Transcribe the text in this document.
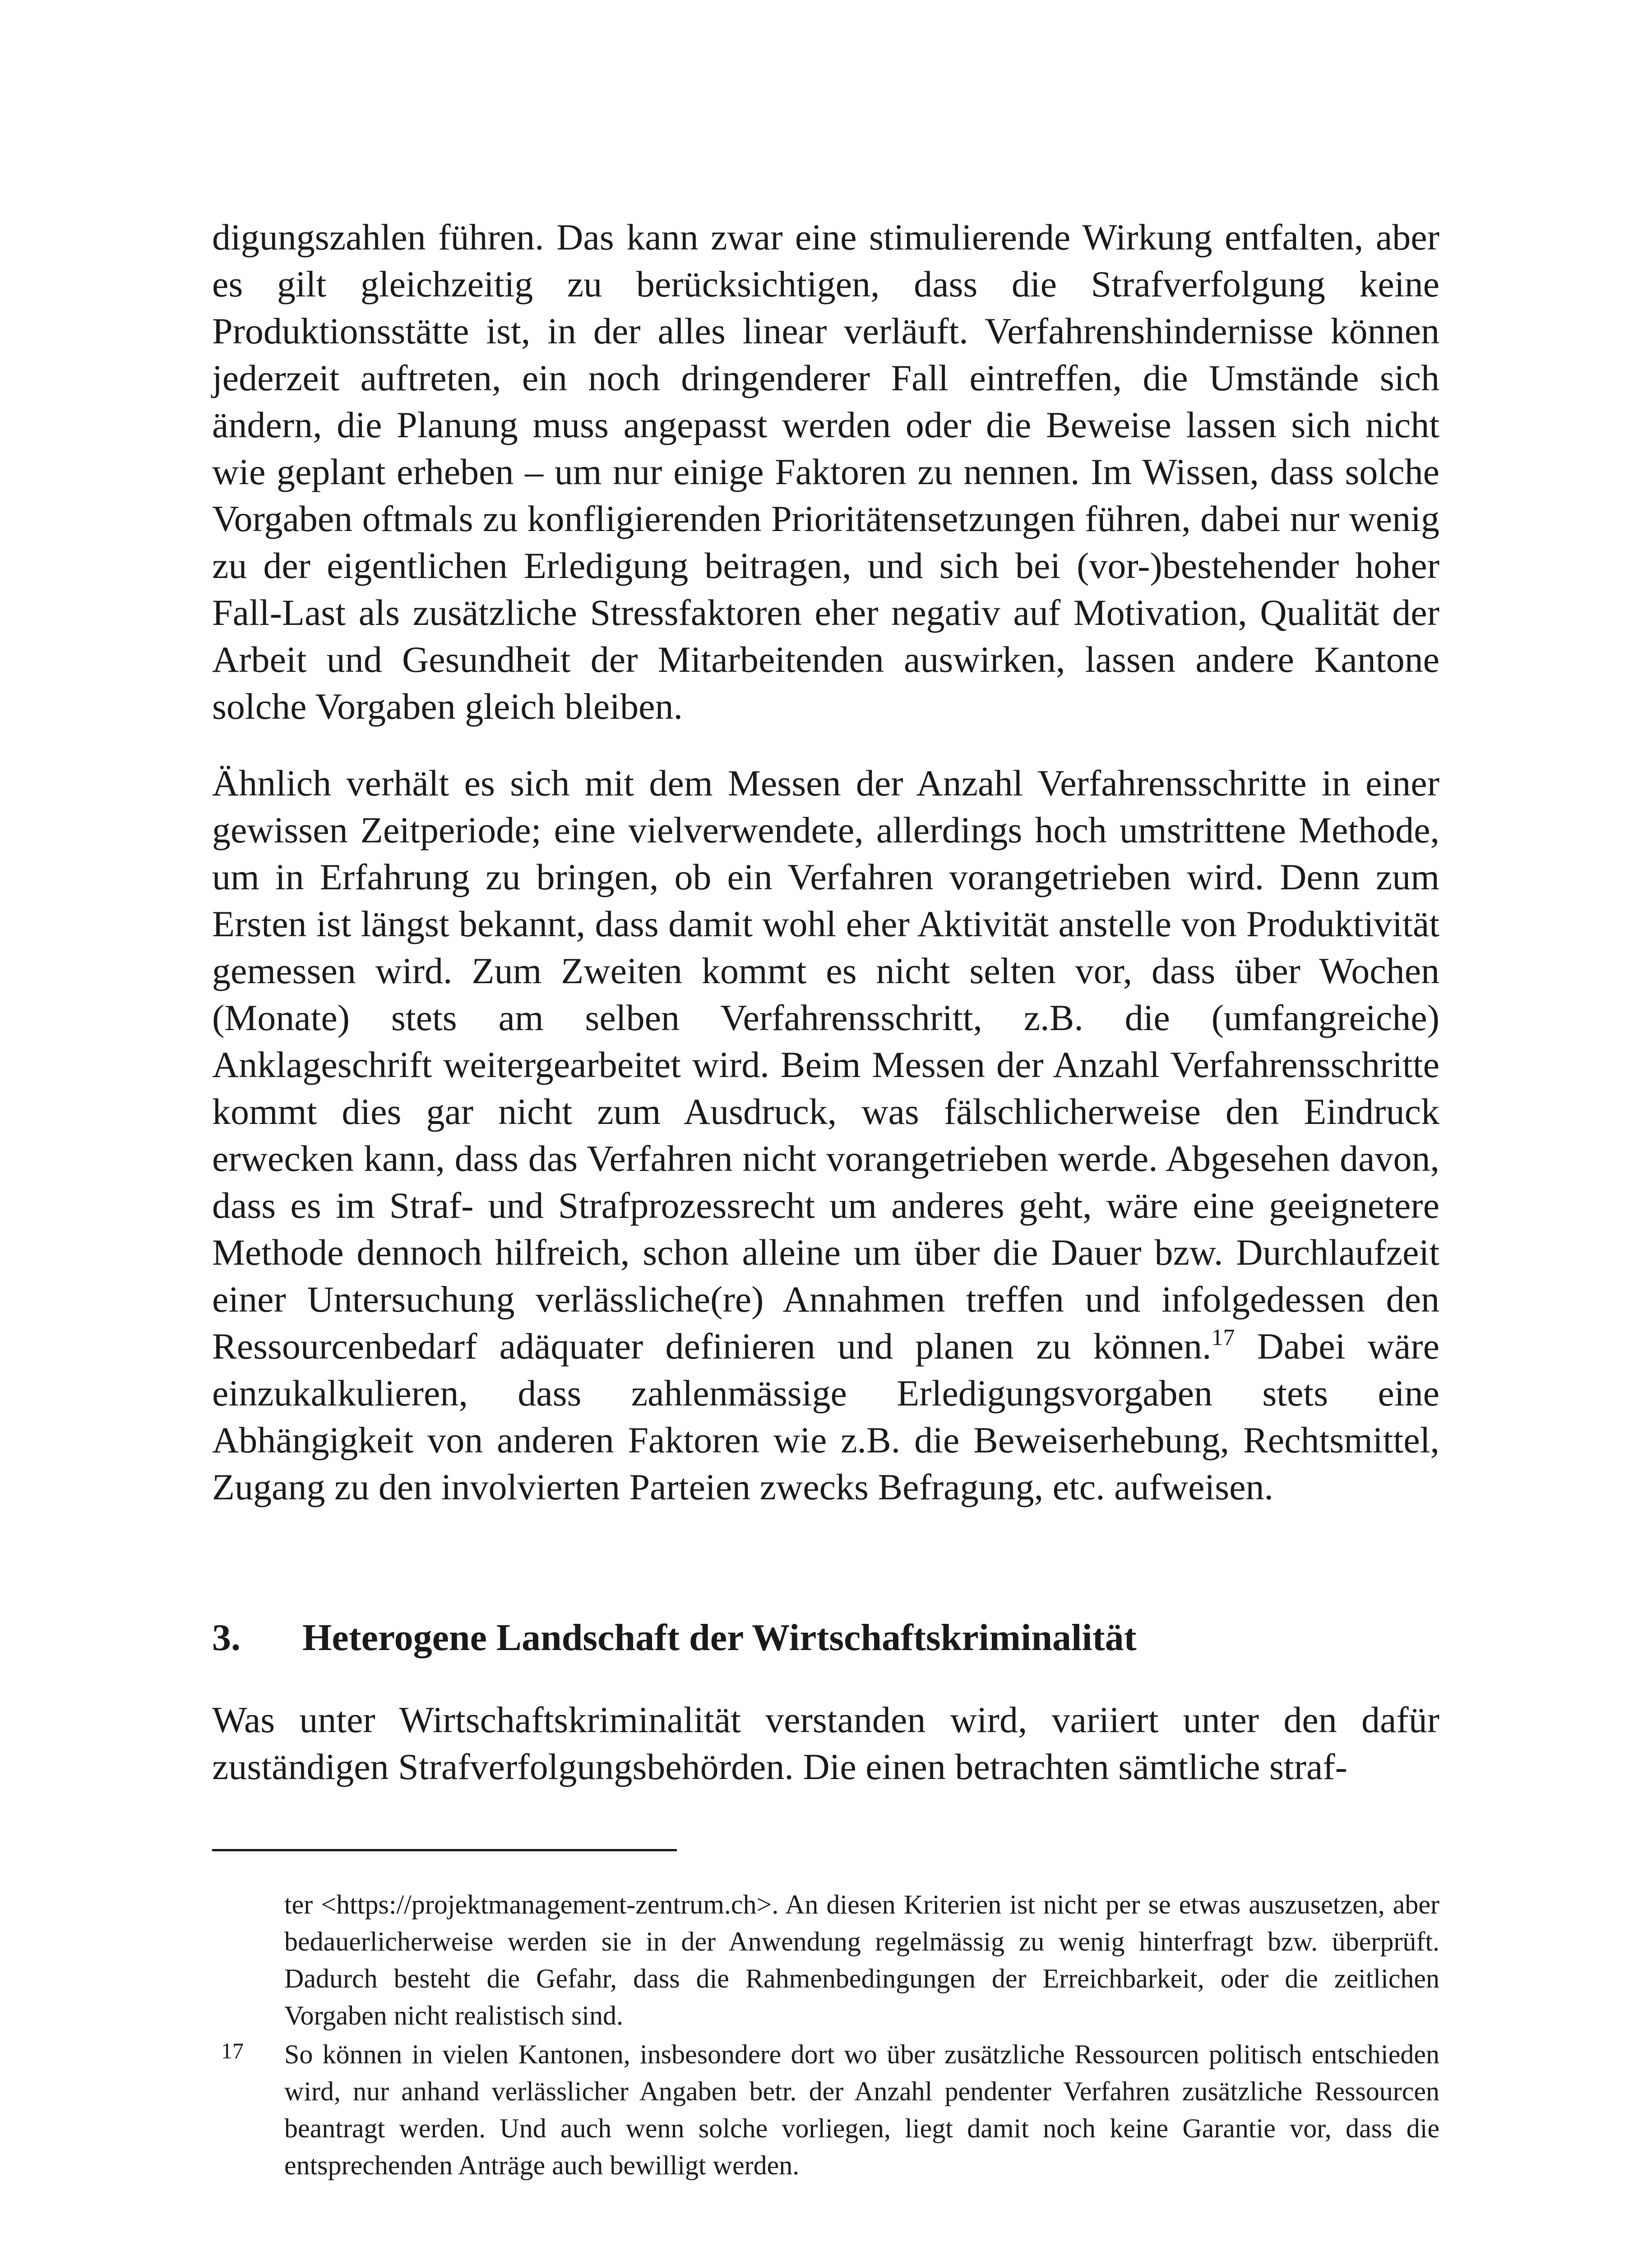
digungszahlen führen. Das kann zwar eine stimulierende Wirkung entfalten, aber es gilt gleichzeitig zu berücksichtigen, dass die Strafverfolgung keine Produktionsstätte ist, in der alles linear verläuft. Verfahrenshindernisse können jederzeit auftreten, ein noch dringenderer Fall eintreffen, die Umstände sich ändern, die Planung muss angepasst werden oder die Beweise lassen sich nicht wie geplant erheben – um nur einige Faktoren zu nennen. Im Wissen, dass solche Vorgaben oftmals zu konfligierenden Prioritätensetzungen führen, dabei nur wenig zu der eigentlichen Erledigung beitragen, und sich bei (vor-)bestehender hoher Fall-Last als zusätzliche Stressfaktoren eher negativ auf Motivation, Qualität der Arbeit und Gesundheit der Mitarbeitenden auswirken, lassen andere Kantone solche Vorgaben gleich bleiben.

Ähnlich verhält es sich mit dem Messen der Anzahl Verfahrensschritte in einer gewissen Zeitperiode; eine vielverwendete, allerdings hoch umstrittene Methode, um in Erfahrung zu bringen, ob ein Verfahren vorangetrieben wird. Denn zum Ersten ist längst bekannt, dass damit wohl eher Aktivität anstelle von Produktivität gemessen wird. Zum Zweiten kommt es nicht selten vor, dass über Wochen (Monate) stets am selben Verfahrensschritt, z.B. die (umfangreiche) Anklageschrift weitergearbeitet wird. Beim Messen der Anzahl Verfahrensschritte kommt dies gar nicht zum Ausdruck, was fälschlicherweise den Eindruck erwecken kann, dass das Verfahren nicht vorangetrieben werde. Abgesehen davon, dass es im Straf- und Strafprozessrecht um anderes geht, wäre eine geeignetere Methode dennoch hilfreich, schon alleine um über die Dauer bzw. Durchlaufzeit einer Untersuchung verlässliche(re) Annahmen treffen und infolgedessen den Ressourcenbedarf adäquater definieren und planen zu können.$^{17}$ Dabei wäre einzukalkulieren, dass zahlenmässige Erledigungsvorgaben stets eine Abhängigkeit von anderen Faktoren wie z.B. die Beweiserhebung, Rechtsmittel, Zugang zu den involvierten Parteien zwecks Befragung, etc. aufweisen.

3. Heterogene Landschaft der Wirtschaftskriminalität

Was unter Wirtschaftskriminalität verstanden wird, variiert unter den dafür zuständigen Strafverfolgungsbehörden. Die einen betrachten sämtliche straf-

ter <https://projektmanagement-zentrum.ch>. An diesen Kriterien ist nicht per se etwas auszusetzen, aber bedauerlicherweise werden sie in der Anwendung regelmässig zu wenig hinterfragt bzw. überprüft. Dadurch besteht die Gefahr, dass die Rahmenbedingungen der Erreichbarkeit, oder die zeitlichen Vorgaben nicht realistisch sind.

17 So können in vielen Kantonen, insbesondere dort wo über zusätzliche Ressourcen politisch entschieden wird, nur anhand verlässlicher Angaben betr. der Anzahl pendenter Verfahren zusätzliche Ressourcen beantragt werden. Und auch wenn solche vorliegen, liegt damit noch keine Garantie vor, dass die entsprechenden Anträge auch bewilligt werden.
